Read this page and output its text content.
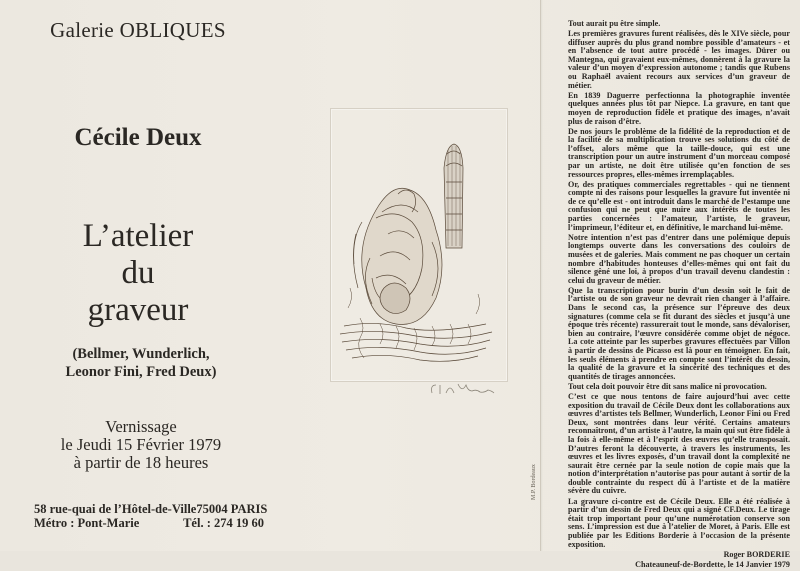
Galerie OBLIQUES
Cécile Deux
L’atelier
du
graveur
(Bellmer, Wunderlich,
Leonor Fini, Fred Deux)
Vernissage
le Jeudi 15 Février 1979
à partir de 18 heures
58 rue-quai de l’Hôtel-de-Ville 75004 PARIS
Métro : Pont-Marie	Tél. : 274 19 60
M.P. Bordeaux

Tout aurait pu être simple.

Les premières gravures furent réalisées, dès le XIVe siècle, pour diffuser auprès du plus grand nombre possible d’amateurs - et en l’absence de tout autre procédé - les images. Dürer ou Mantegna, qui gravaient eux-mêmes, donnèrent à la gravure la valeur d’un moyen d’expression autonome ; tandis que Rubens ou Raphaël avaient recours aux services d’un graveur de métier.

En 1839 Daguerre perfectionna la photographie inventée quelques années plus tôt par Niepce. La gravure, en tant que moyen de reproduction fidèle et pratique des images, n’avait plus de raison d’être.

De nos jours le problème de la fidélité de la reproduction et de la facilité de sa multiplication trouve ses solutions du côté de l’offset, alors même que la taille-douce, qui est une transcription pour un autre instrument d’un morceau composé par un artiste, ne doit être utilisée qu’en fonction de ses ressources propres, elles-mêmes irremplaçables.

Or, des pratiques commerciales regrettables - qui ne tiennent compte ni des raisons pour lesquelles la gravure fut inventée ni de ce qu’elle est - ont introduit dans le marché de l’estampe une confusion qui ne peut que nuire aux intérêts de toutes les parties concernées : l’amateur, l’artiste, le graveur, l’imprimeur, l’éditeur et, en définitive, le marchand lui-même.

Notre intention n’est pas d’entrer dans une polémique depuis longtemps ouverte dans les conversations des couloirs de musées et de galeries. Mais comment ne pas choquer un certain nombre d’habitudes honteuses d’elles-mêmes qui ont fait du silence gêné une loi, à propos d’un travail devenu clandestin : celui du graveur de métier.

Que la transcription pour burin d’un dessin soit le fait de l’artiste ou de son graveur ne devrait rien changer à l’affaire. Dans le second cas, la présence sur l’épreuve des deux signatures (comme cela se fit durant des siècles et jusqu’à une époque très récente) rassurerait tout le monde, sans dévaloriser, bien au contraire, l’œuvre considérée comme objet de négoce. La cote atteinte par les superbes gravures effectuées par Villon à partir de dessins de Picasso est là pour en témoigner. En fait, les seuls éléments à prendre en compte sont l’intérêt du dessin, la qualité de la gravure et la sincérité des techniques et des quantités de tirages annoncées.

Tout cela doit pouvoir être dit sans malice ni provocation.

C’est ce que nous tentons de faire aujourd’hui avec cette exposition du travail de Cécile Deux dont les collaborations aux œuvres d’artistes tels Bellmer, Wunderlich, Leonor Fini ou Fred Deux, sont montrées dans leur vérité. Certains amateurs reconnaîtront, d’un artiste à l’autre, la main qui sut être fidèle à la fois à elle-même et à l’esprit des œuvres qu’elle transposait. D’autres feront la découverte, à travers les instruments, les œuvres et les livres exposés, d’un travail dont la complexité ne saurait être cernée par la seule notion de copie mais que la notion d’interprétation n’autorise pas pour autant à sortir de la double contrainte du respect dû à l’artiste et de la matière sévère du cuivre.

La gravure ci-contre est de Cécile Deux. Elle a été réalisée à partir d’un dessin de Fred Deux qui a signé CF.Deux. Le tirage était trop important pour qu’une numérotation conserve son sens. L’impression est due à l’atelier de Moret, à Paris. Elle est publiée par les Editions Borderie à l’occasion de la présente exposition.

Roger BORDERIE

Chateauneuf-de-Bordette, le 14 Janvier 1979
